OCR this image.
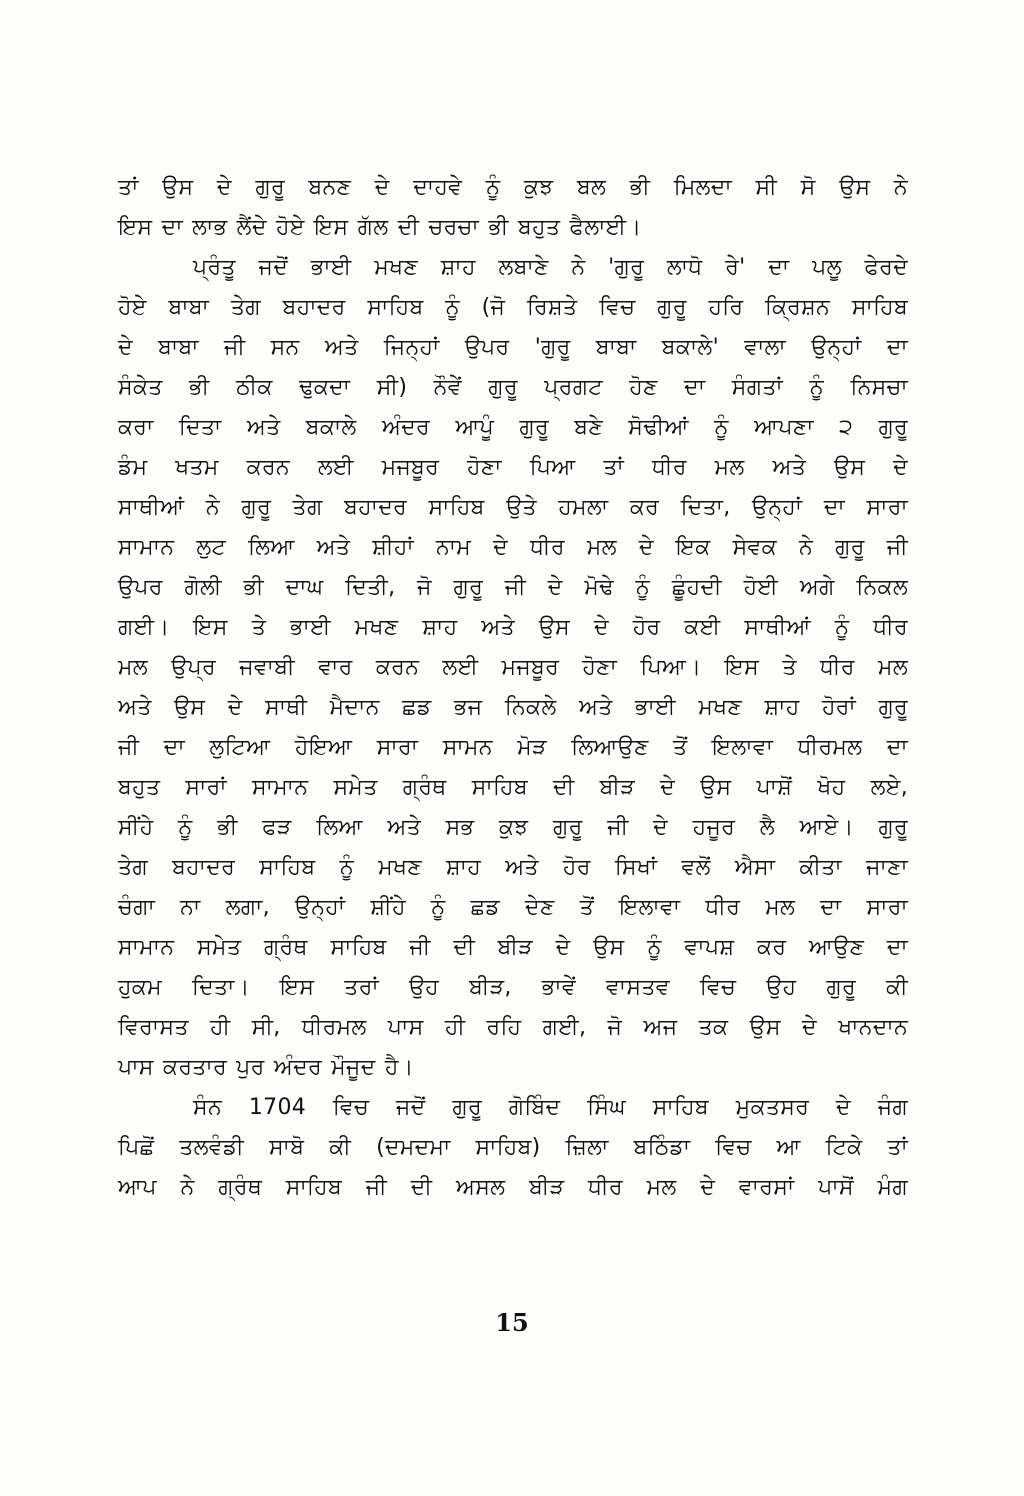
ਤਾਂ ਉਸ ਦੇ ਗੁਰੂ ਬਨਣ ਦੇ ਦਾਹਵੇ ਨੂੰ ਕੁਝ ਬਲ ਭੀ ਮਿਲਦਾ ਸੀ ਸੋ ਉਸ ਨੇ
ਇਸ ਦਾ ਲਾਭ ਲੈਂਦੇ ਹੋਏ ਇਸ ਗੱਲ ਦੀ ਚਰਚਾ ਭੀ ਬਹੁਤ ਫੈਲਾਈ।
ਪ੍ਰੰਤੂ ਜਦੋਂ ਭਾਈ ਮਖਣ ਸ਼ਾਹ ਲਬਾਣੇ ਨੇ 'ਗੁਰੂ ਲਾਧੋ ਰੇ' ਦਾ ਪਲੂ ਫੇਰਦੇ
ਹੋਏ ਬਾਬਾ ਤੇਗ ਬਹਾਦਰ ਸਾਹਿਬ ਨੂੰ (ਜੋ ਰਿਸ਼ਤੇ ਵਿਚ ਗੁਰੂ ਹਰਿ ਕ੍ਰਿਸ਼ਨ ਸਾਹਿਬ
ਦੇ ਬਾਬਾ ਜੀ ਸਨ ਅਤੇ ਜਿਨ੍ਹਾਂ ਉਪਰ 'ਗੁਰੂ ਬਾਬਾ ਬਕਾਲੇ' ਵਾਲਾ ਉਨ੍ਹਾਂ ਦਾ
ਸੰਕੇਤ ਭੀ ਠੀਕ ਢੁਕਦਾ ਸੀ) ਨੌਵੇਂ ਗੁਰੂ ਪ੍ਰਗਟ ਹੋਣ ਦਾ ਸੰਗਤਾਂ ਨੂੰ ਨਿਸਚਾ
ਕਰਾ ਦਿਤਾ ਅਤੇ ਬਕਾਲੇ ਅੰਦਰ ਆਪੂੰ ਗੁਰੂ ਬਣੇ ਸੋਢੀਆਂ ਨੂੰ ਆਪਣਾ ੨ ਗੁਰੂ
ਡੰਮ ਖਤਮ ਕਰਨ ਲਈ ਮਜਬੂਰ ਹੋਣਾ ਪਿਆ ਤਾਂ ਧੀਰ ਮਲ ਅਤੇ ਉਸ ਦੇ
ਸਾਥੀਆਂ ਨੇ ਗੁਰੂ ਤੇਗ ਬਹਾਦਰ ਸਾਹਿਬ ਉਤੇ ਹਮਲਾ ਕਰ ਦਿਤਾ, ਉਨ੍ਹਾਂ ਦਾ ਸਾਰਾ
ਸਾਮਾਨ ਲੁਟ ਲਿਆ ਅਤੇ ਸ਼ੀਹਾਂ ਨਾਮ ਦੇ ਧੀਰ ਮਲ ਦੇ ਇਕ ਸੇਵਕ ਨੇ ਗੁਰੂ ਜੀ
ਉਪਰ ਗੋਲੀ ਭੀ ਦਾਘ ਦਿਤੀ, ਜੋ ਗੁਰੂ ਜੀ ਦੇ ਮੋਢੇ ਨੂੰ ਛੂੰਹਦੀ ਹੋਈ ਅਗੇ ਨਿਕਲ
ਗਈ। ਇਸ ਤੇ ਭਾਈ ਮਖਣ ਸ਼ਾਹ ਅਤੇ ਉਸ ਦੇ ਹੋਰ ਕਈ ਸਾਥੀਆਂ ਨੂੰ ਧੀਰ
ਮਲ ਉਪ੍ਰ ਜਵਾਬੀ ਵਾਰ ਕਰਨ ਲਈ ਮਜਬੂਰ ਹੋਣਾ ਪਿਆ। ਇਸ ਤੇ ਧੀਰ ਮਲ
ਅਤੇ ਉਸ ਦੇ ਸਾਥੀ ਮੈਦਾਨ ਛਡ ਭਜ ਨਿਕਲੇ ਅਤੇ ਭਾਈ ਮਖਣ ਸ਼ਾਹ ਹੋਰਾਂ ਗੁਰੂ
ਜੀ ਦਾ ਲੁਟਿਆ ਹੋਇਆ ਸਾਰਾ ਸਾਮਨ ਮੋੜ ਲਿਆਉਣ ਤੋਂ ਇਲਾਵਾ ਧੀਰਮਲ ਦਾ
ਬਹੁਤ ਸਾਰਾਂ ਸਾਮਾਨ ਸਮੇਤ ਗ੍ਰੰਥ ਸਾਹਿਬ ਦੀ ਬੀੜ ਦੇ ਉਸ ਪਾਸ਼ੋਂ ਖੋਹ ਲਏ,
ਸੀਂਹੇ ਨੂੰ ਭੀ ਫੜ ਲਿਆ ਅਤੇ ਸਭ ਕੁਝ ਗੁਰੂ ਜੀ ਦੇ ਹਜੂਰ ਲੈ ਆਏ। ਗੁਰੂ
ਤੇਗ ਬਹਾਦਰ ਸਾਹਿਬ ਨੂੰ ਮਖਣ ਸ਼ਾਹ ਅਤੇ ਹੋਰ ਸਿਖਾਂ ਵਲੋਂ ਐਸਾ ਕੀਤਾ ਜਾਣਾ
ਚੰਗਾ ਨਾ ਲਗਾ, ਉਨ੍ਹਾਂ ਸ਼ੀਂਹੇ ਨੂੰ ਛਡ ਦੇਣ ਤੋਂ ਇਲਾਵਾ ਧੀਰ ਮਲ ਦਾ ਸਾਰਾ
ਸਾਮਾਨ ਸਮੇਤ ਗ੍ਰੰਥ ਸਾਹਿਬ ਜੀ ਦੀ ਬੀੜ ਦੇ ਉਸ ਨੂੰ ਵਾਪਸ਼ ਕਰ ਆਉਣ ਦਾ
ਹੁਕਮ ਦਿਤਾ। ਇਸ ਤਰਾਂ ਉਹ ਬੀੜ, ਭਾਵੇਂ ਵਾਸਤਵ ਵਿਚ ਉਹ ਗੁਰੂ ਕੀ
ਵਿਰਾਸਤ ਹੀ ਸੀ, ਧੀਰਮਲ ਪਾਸ ਹੀ ਰਹਿ ਗਈ, ਜੋ ਅਜ ਤਕ ਉਸ ਦੇ ਖਾਨਦਾਨ
ਪਾਸ ਕਰਤਾਰ ਪੁਰ ਅੰਦਰ ਮੌਜੂਦ ਹੈ।
ਸੰਨ 1704 ਵਿਚ ਜਦੋਂ ਗੁਰੂ ਗੋਬਿੰਦ ਸਿੰਘ ਸਾਹਿਬ ਮੁਕਤਸਰ ਦੇ ਜੰਗ
ਪਿਛੋਂ ਤਲਵੰਡੀ ਸਾਬੋ ਕੀ (ਦਮਦਮਾ ਸਾਹਿਬ) ਜ਼ਿਲਾ ਬਠਿੰਡਾ ਵਿਚ ਆ ਟਿਕੇ ਤਾਂ
ਆਪ ਨੇ ਗ੍ਰੰਥ ਸਾਹਿਬ ਜੀ ਦੀ ਅਸਲ ਬੀੜ ਧੀਰ ਮਲ ਦੇ ਵਾਰਸਾਂ ਪਾਸੋਂ ਮੰਗ
15
